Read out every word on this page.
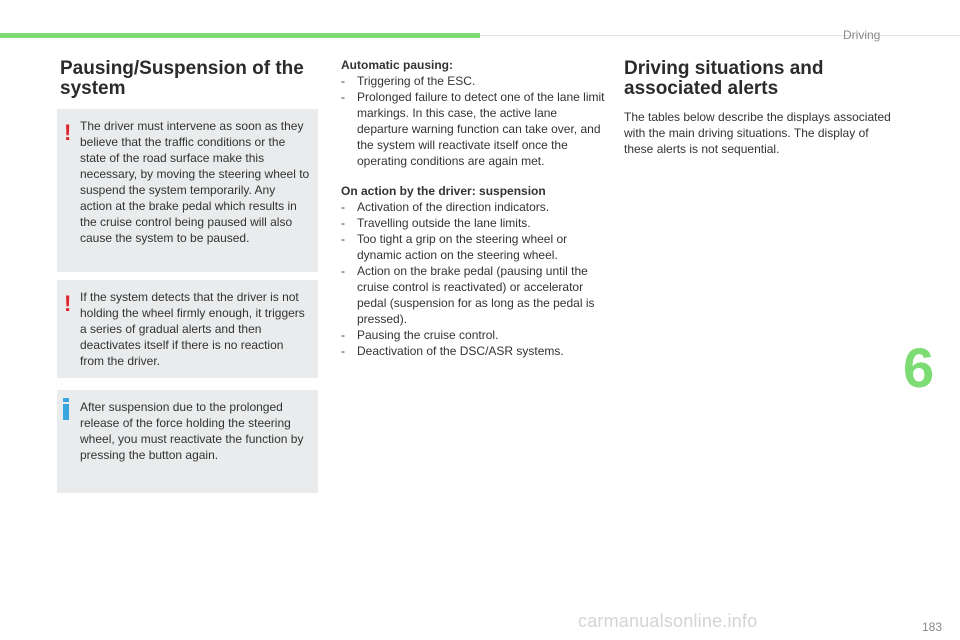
Driving
6
Pausing/Suspension of the
system
! The driver must intervene as soon as they believe that the traffic conditions or the state of the road surface make this necessary, by moving the steering wheel to suspend the system temporarily. Any action at the brake pedal which results in the cruise control being paused will also cause the system to be paused.

! If the system detects that the driver is not holding the wheel firmly enough, it triggers a series of gradual alerts and then deactivates itself if there is no reaction from the driver.

After suspension due to the prolonged release of the force holding the steering wheel, you must reactivate the function by pressing the button again.

Automatic pausing:
- Triggering of the ESC.
- Prolonged failure to detect one of the lane limit markings. In this case, the active lane departure warning function can take over, and the system will reactivate itself once the operating conditions are again met.
On action by the driver: suspension
- Activation of the direction indicators.
- Travelling outside the lane limits.
- Too tight a grip on the steering wheel or dynamic action on the steering wheel.
- Action on the brake pedal (pausing until the cruise control is reactivated) or accelerator pedal (suspension for as long as the pedal is pressed).
- Pausing the cruise control.
- Deactivation of the DSC/ASR systems.
Driving situations and
associated alerts

The tables below describe the displays associated with the main driving situations. The display of these alerts is not sequential.

carmanualsonline.info	183
